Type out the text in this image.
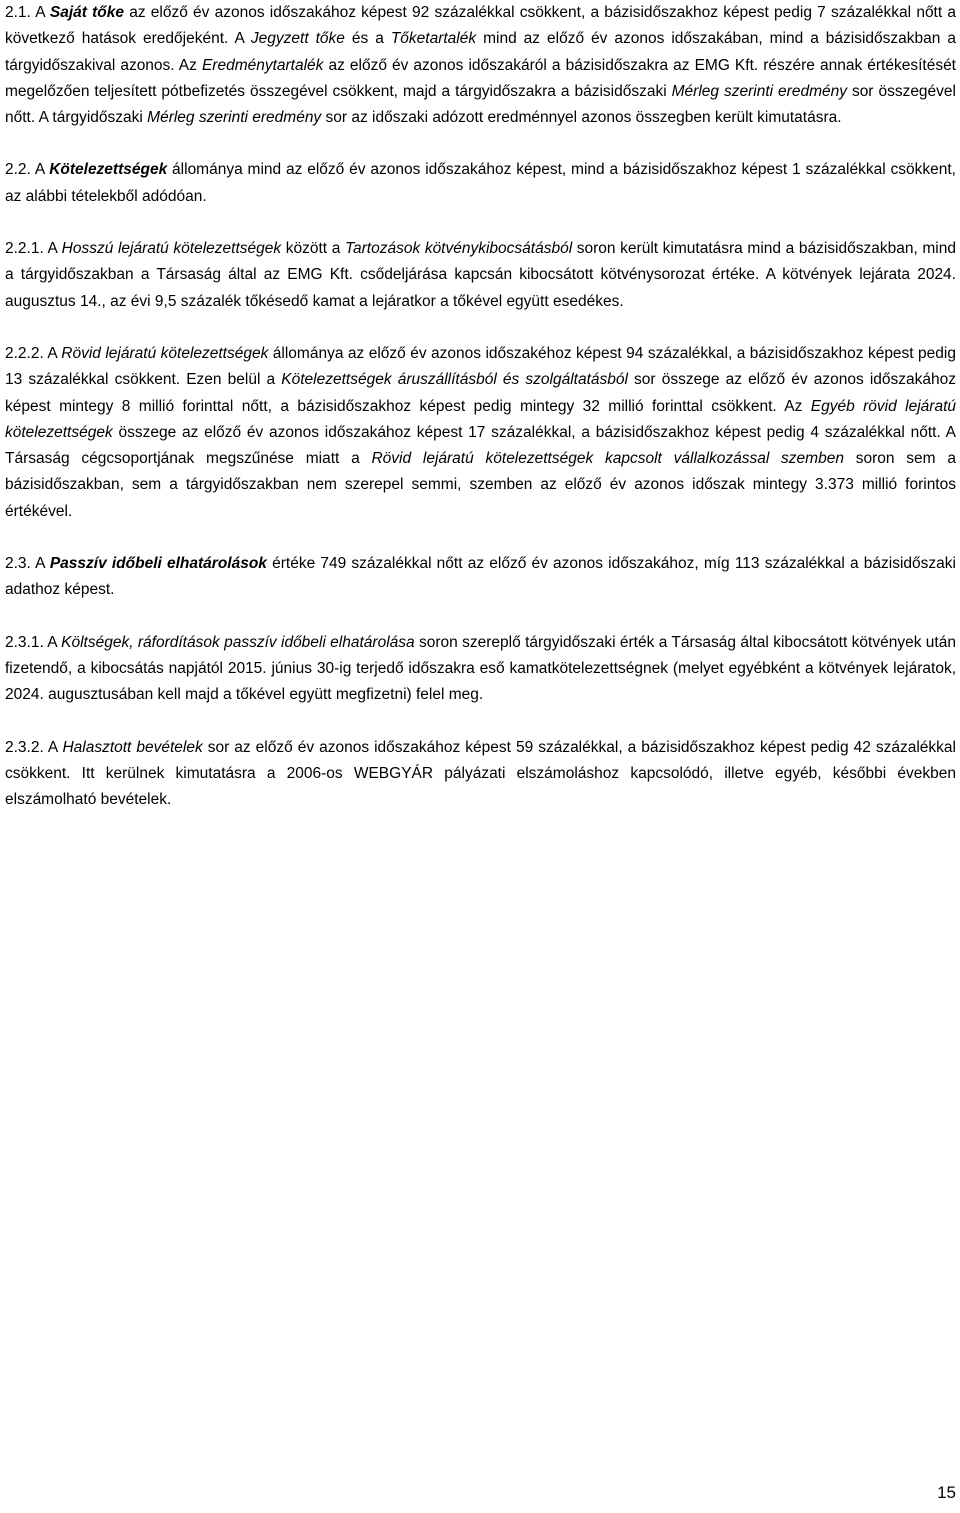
2.1. A Saját tőke az előző év azonos időszakához képest 92 százalékkal csökkent, a bázisidőszakhoz képest pedig 7 százalékkal nőtt a következő hatások eredőjeként. A Jegyzett tőke és a Tőketartalék mind az előző év azonos időszakában, mind a bázisidőszakban a tárgyidőszakival azonos. Az Eredménytartalék az előző év azonos időszakáról a bázisidőszakra az EMG Kft. részére annak értékesítését megelőzően teljesített pótbefizetés összegével csökkent, majd a tárgyidőszakra a bázisidőszaki Mérleg szerinti eredmény sor összegével nőtt. A tárgyidőszaki Mérleg szerinti eredmény sor az időszaki adózott eredménnyel azonos összegben került kimutatásra.

2.2. A Kötelezettségek állománya mind az előző év azonos időszakához képest, mind a bázisidőszakhoz képest 1 százalékkal csökkent, az alábbi tételekből adódóan.

2.2.1. A Hosszú lejáratú kötelezettségek között a Tartozások kötvénykibocsátásból soron került kimutatásra mind a bázisidőszakban, mind a tárgyidőszakban a Társaság által az EMG Kft. csődeljárása kapcsán kibocsátott kötvénysorozat értéke. A kötvények lejárata 2024. augusztus 14., az évi 9,5 százalék tőkésedő kamat a lejáratkor a tőkével együtt esedékes.

2.2.2. A Rövid lejáratú kötelezettségek állománya az előző év azonos időszakéhoz képest 94 százalékkal, a bázisidőszakhoz képest pedig 13 százalékkal csökkent. Ezen belül a Kötelezettségek áruszállításból és szolgáltatásból sor összege az előző év azonos időszakához képest mintegy 8 millió forinttal nőtt, a bázisidőszakhoz képest pedig mintegy 32 millió forinttal csökkent. Az Egyéb rövid lejáratú kötelezettségek összege az előző év azonos időszakához képest 17 százalékkal, a bázisidőszakhoz képest pedig 4 százalékkal nőtt. A Társaság cégcsoportjának megszűnése miatt a Rövid lejáratú kötelezettségek kapcsolt vállalkozással szemben soron sem a bázisidőszakban, sem a tárgyidőszakban nem szerepel semmi, szemben az előző év azonos időszak mintegy 3.373 millió forintos értékével.

2.3. A Passzív időbeli elhatárolások értéke 749 százalékkal nőtt az előző év azonos időszakához, míg 113 százalékkal a bázisidőszaki adathoz képest.

2.3.1. A Költségek, ráfordítások passzív időbeli elhatárolása soron szereplő tárgyidőszaki érték a Társaság által kibocsátott kötvények után fizetendő, a kibocsátás napjától 2015. június 30-ig terjedő időszakra eső kamatkötelezettségnek (melyet egyébként a kötvények lejáratok, 2024. augusztusában kell majd a tőkével együtt megfizetni) felel meg.

2.3.2. A Halasztott bevételek sor az előző év azonos időszakához képest 59 százalékkal, a bázisidőszakhoz képest pedig 42 százalékkal csökkent. Itt kerülnek kimutatásra a 2006-os WEBGYÁR pályázati elszámoláshoz kapcsolódó, illetve egyéb, későbbi években elszámolható bevételek.

15
